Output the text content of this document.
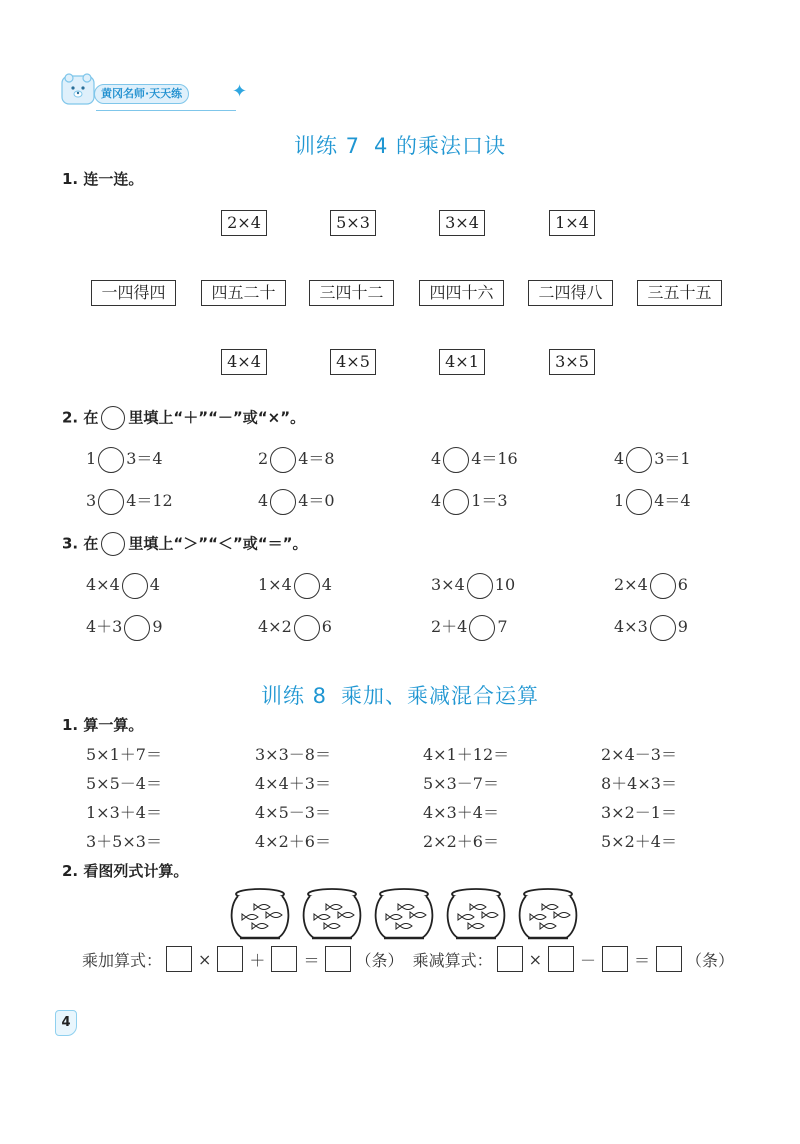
黄冈名师·天天练	✦
训练 7 4 的乘法口诀
1. 连一连。
2×4	5×3	3×4	1×4
一四得四	四五二十	三四十二	四四十六	二四得八	三五十五
4×4	4×5	4×1	3×5
2. 在 里填上“＋”“－”或“×”。
1 3＝4	2 4＝8	4 4＝16	4 3＝1
3 4＝12	4 4＝0	4 1＝3	1 4＝4
3. 在 里填上“＞”“＜”或“＝”。
4×4 4	1×4 4	3×4 10	2×4 6
4＋3 9	4×2 6	2＋4 7	4×3 9
训练 8 乘加、乘减混合运算
1. 算一算。
5×1＋7＝	3×3－8＝	4×1＋12＝	2×4－3＝
5×5－4＝	4×4＋3＝	5×3－7＝	8＋4×3＝
1×3＋4＝	4×5－3＝	4×3＋4＝	3×2－1＝
3＋5×3＝	4×2＋6＝	2×2＋6＝	5×2＋4＝
2. 看图列式计算。
乘加算式： × ＋ ＝ （条） 乘减算式： × － ＝ （条）
4
